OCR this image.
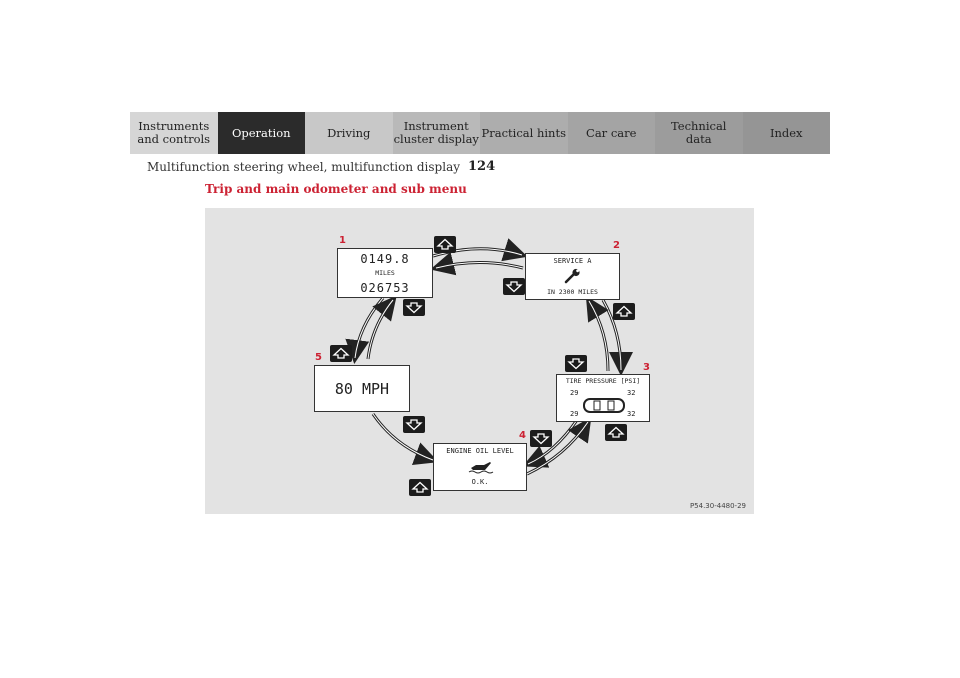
Instruments
and controls	Operation	Driving	Instrument
cluster display Practical hints	Car care	Technical
data	Index
Multifunction steering wheel, multifunction display 124
Trip and main odometer and sub menu
0149.8
MILES
026753
SERVICE A
IN 2300 MILES
TIRE PRESSURE [PSI]
29	32
29	32
ENGINE OIL LEVEL
O.K.
80 MPH
1	2
3
4
5
P54.30-4480-29
